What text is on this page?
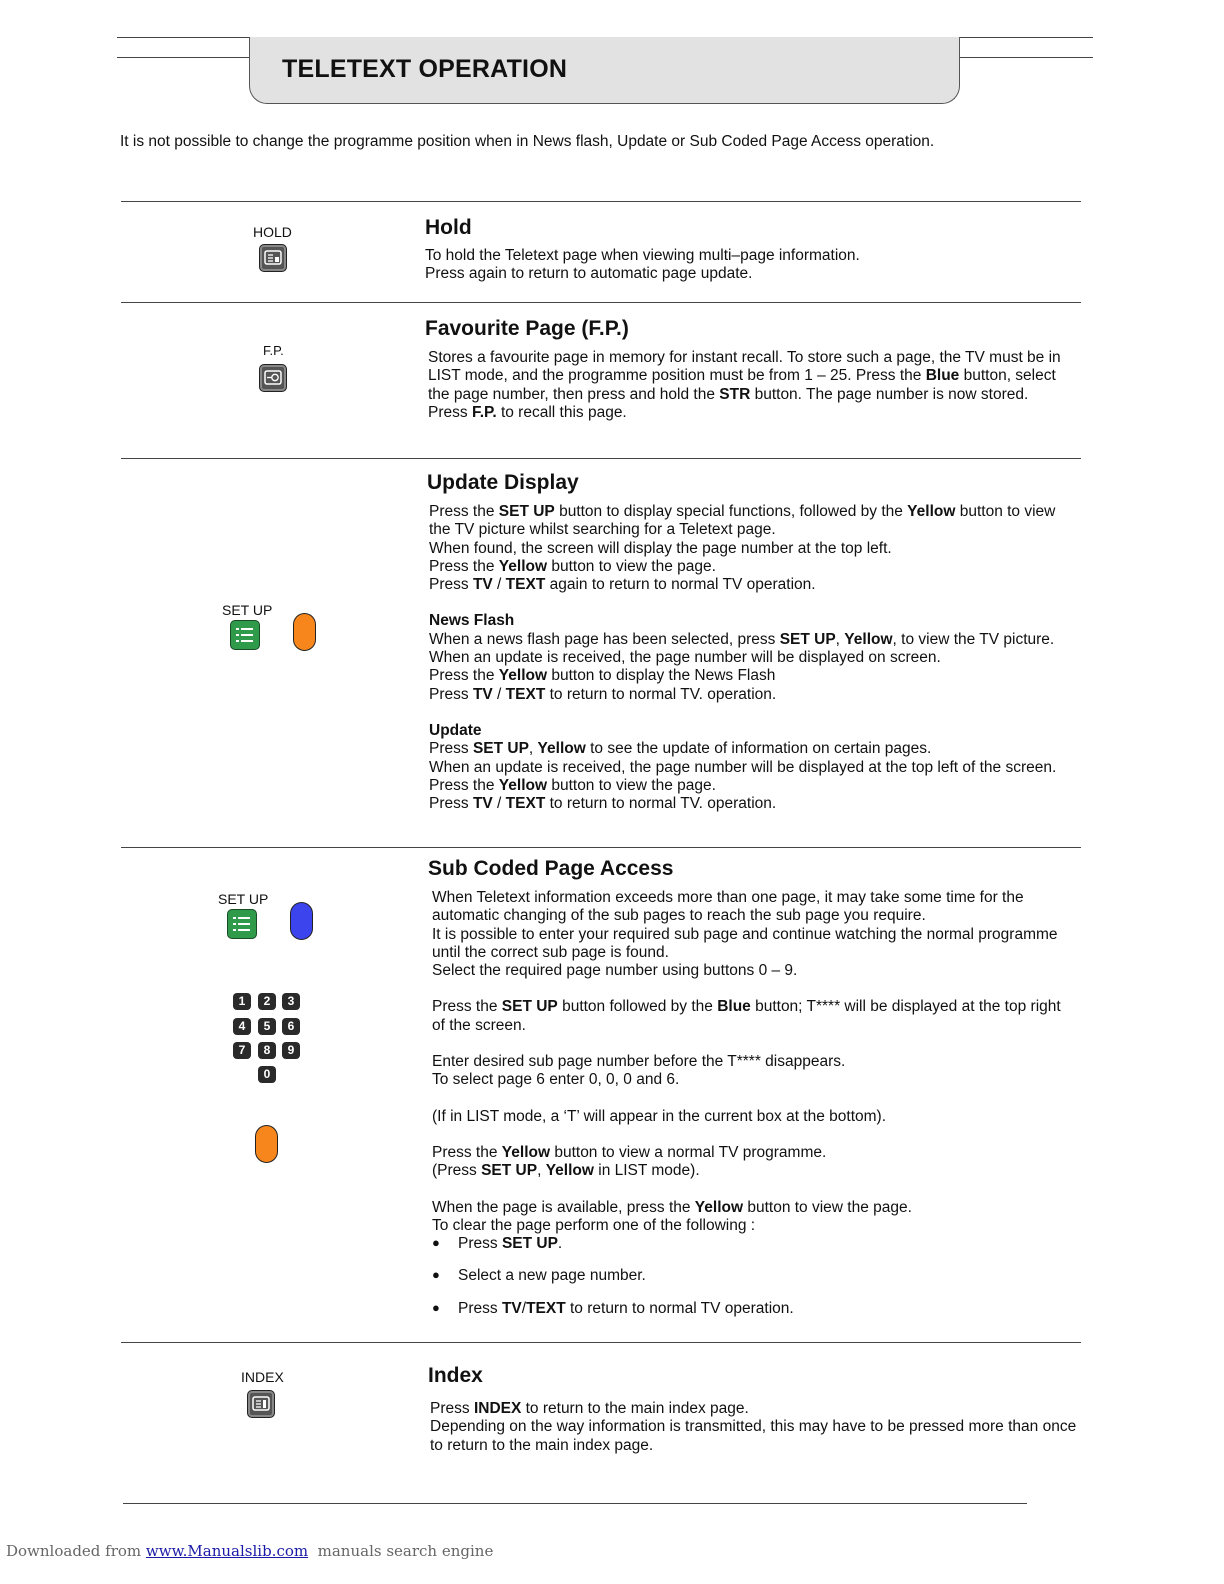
TELETEXT OPERATION
It is not possible to change the programme position when in News flash, Update or Sub Coded Page Access operation.
HOLD	Hold

To hold the Teletext page when viewing multi–page information.

Press again to return to automatic page update.

F.P.
Favourite Page (F.P.)

Stores a favourite page in memory for instant recall. To store such a page, the TV must be in LIST mode, and the programme position must be from 1 – 25. Press the Blue button, select the page number, then press and hold the STR button. The page number is now stored.

Press F.P. to recall this page.

SET UP
Update Display

Press the SET UP button to display special functions, followed by the Yellow button to view the TV picture whilst searching for a Teletext page.

When found, the screen will display the page number at the top left.

Press the Yellow button to view the page.

Press TV / TEXT again to return to normal TV operation.

News Flash

When a news flash page has been selected, press SET UP, Yellow, to view the TV picture. When an update is received, the page number will be displayed on screen.

Press the Yellow button to display the News Flash

Press TV / TEXT to return to normal TV. operation.

Update

Press SET UP, Yellow to see the update of information on certain pages.

When an update is received, the page number will be displayed at the top left of the screen.

Press the Yellow button to view the page.

Press TV / TEXT to return to normal TV. operation.

SET UP
1	2	3
4	5	6
7	8	9
0
Sub Coded Page Access

When Teletext information exceeds more than one page, it may take some time for the automatic changing of the sub pages to reach the sub page you require.

It is possible to enter your required sub page and continue watching the normal programme until the correct sub page is found.

Select the required page number using buttons 0 – 9.

Press the SET UP button followed by the Blue button; T**** will be displayed at the top right of the screen.

Enter desired sub page number before the T**** disappears.

To select page 6 enter 0, 0, 0 and 6.

(If in LIST mode, a ‘T’ will appear in the current box at the bottom).

Press the Yellow button to view a normal TV programme.

(Press SET UP, Yellow in LIST mode).

When the page is available, press the Yellow button to view the page.

To clear the page perform one of the following :

● Press SET UP.
● Select a new page number.
● Press TV/TEXT to return to normal TV operation.
INDEX	Index

Press INDEX to return to the main index page.

Depending on the way information is transmitted, this may have to be pressed more than once to return to the main index page.

Downloaded from www.Manualslib.com  manuals search engine
